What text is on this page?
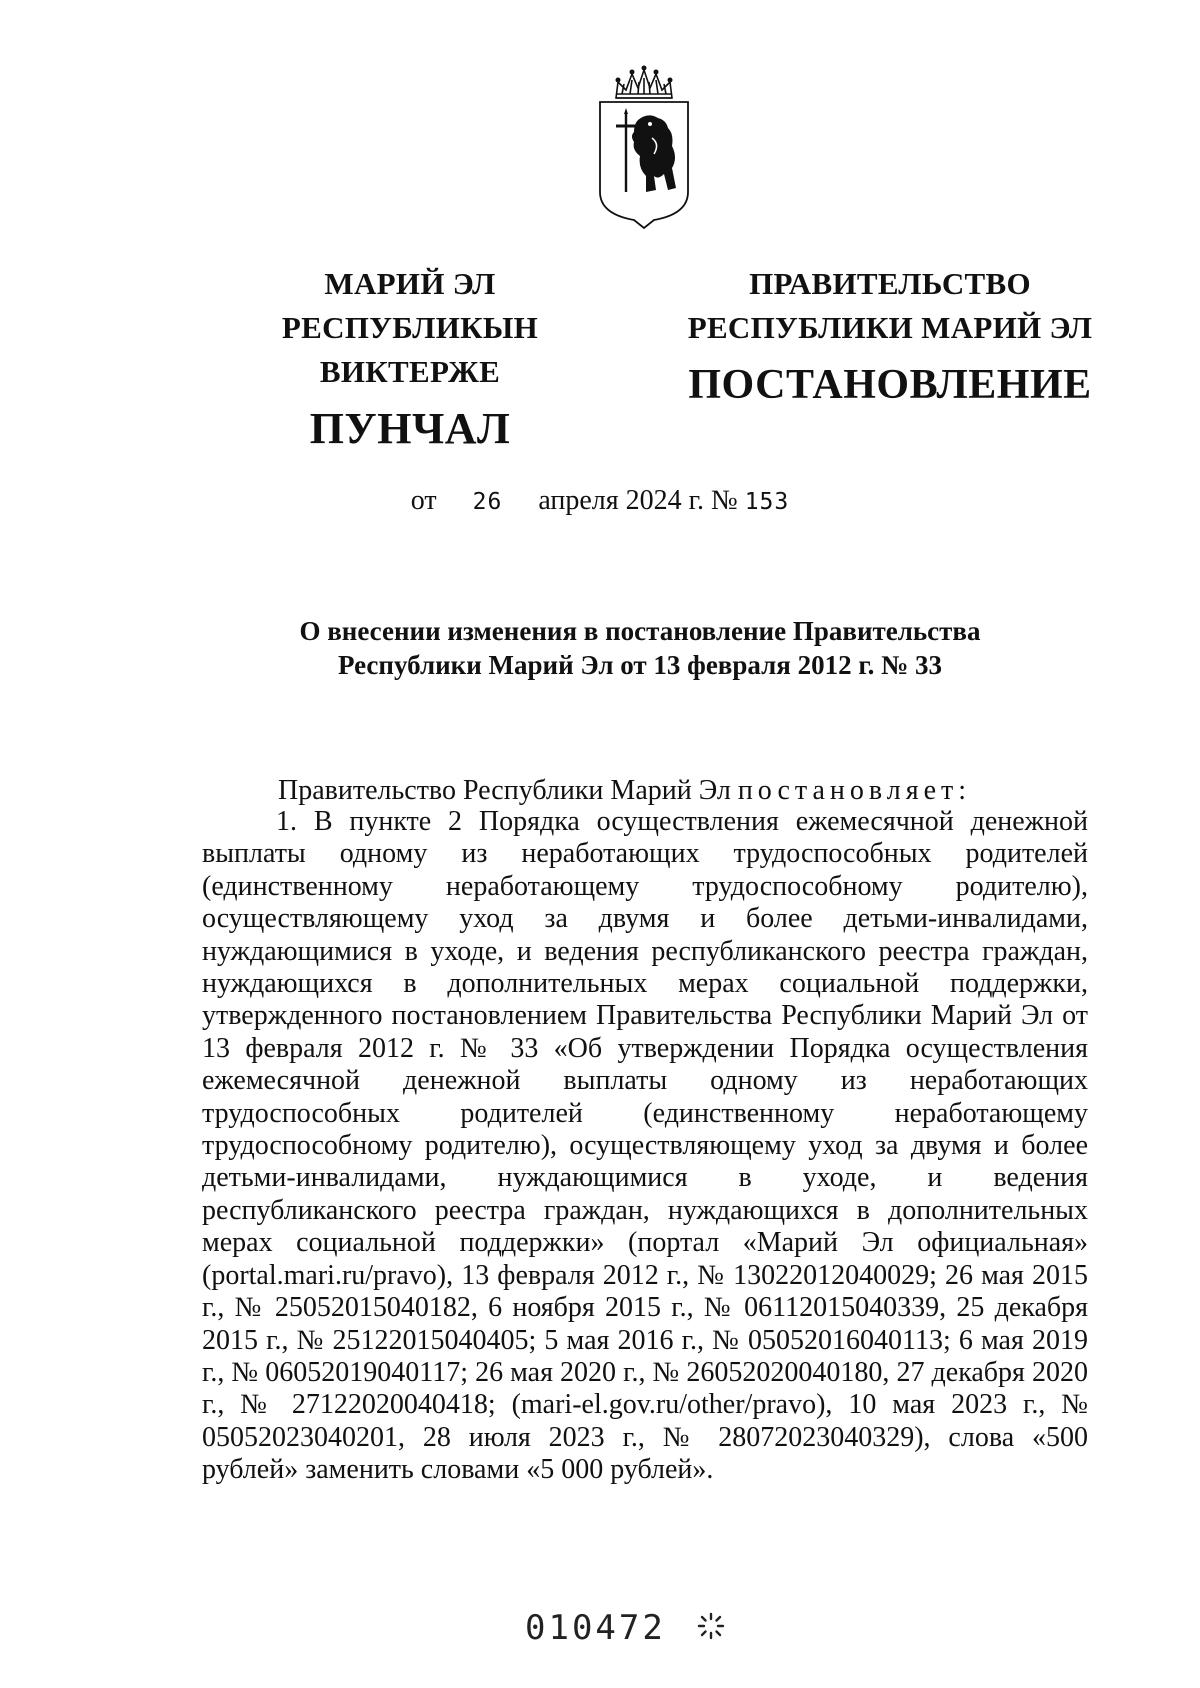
МАРИЙ ЭЛ РЕСПУБЛИКЫН
ВИКТЕРЖЕ
ПУНЧАЛ
ПРАВИТЕЛЬСТВО
РЕСПУБЛИКИ МАРИЙ ЭЛ
ПОСТАНОВЛЕНИЕ
от 26 апреля 2024 г. № 153
О внесении изменения в постановление Правительства
Республики Марий Эл от 13 февраля 2012 г. № 33
Правительство Республики Марий Эл постановляет:
1. В пункте 2 Порядка осуществления ежемесячной денежной выплаты одному из неработающих трудоспособных родителей (единственному неработающему трудоспособному родителю), осуществляющему уход за двумя и более детьми-инвалидами, нуждающимися в уходе, и ведения республиканского реестра граждан, нуждающихся в дополнительных мерах социальной поддержки, утвержденного постановлением Правительства Республики Марий Эл от 13 февраля 2012 г. № 33 «Об утверждении Порядка осуществления ежемесячной денежной выплаты одному из неработающих трудоспособных родителей (единственному неработающему трудоспособному родителю), осуществляющему уход за двумя и более детьми-инвалидами, нуждающимися в уходе, и ведения республиканского реестра граждан, нуждающихся в дополнительных мерах социальной поддержки» (портал «Марий Эл официальная» (portal.mari.ru/pravo), 13 февраля 2012 г., № 13022012040029; 26 мая 2015 г., № 25052015040182, 6 ноября 2015 г., № 06112015040339, 25 декабря 2015 г., № 25122015040405; 5 мая 2016 г., № 05052016040113; 6 мая 2019 г., № 06052019040117; 26 мая 2020 г., № 26052020040180, 27 декабря 2020 г., № 27122020040418; (mari-el.gov.ru/other/pravo), 10 мая 2023 г., № 05052023040201, 28 июля 2023 г., № 28072023040329), слова «500 рублей» заменить словами «5 000 рублей».
010472
